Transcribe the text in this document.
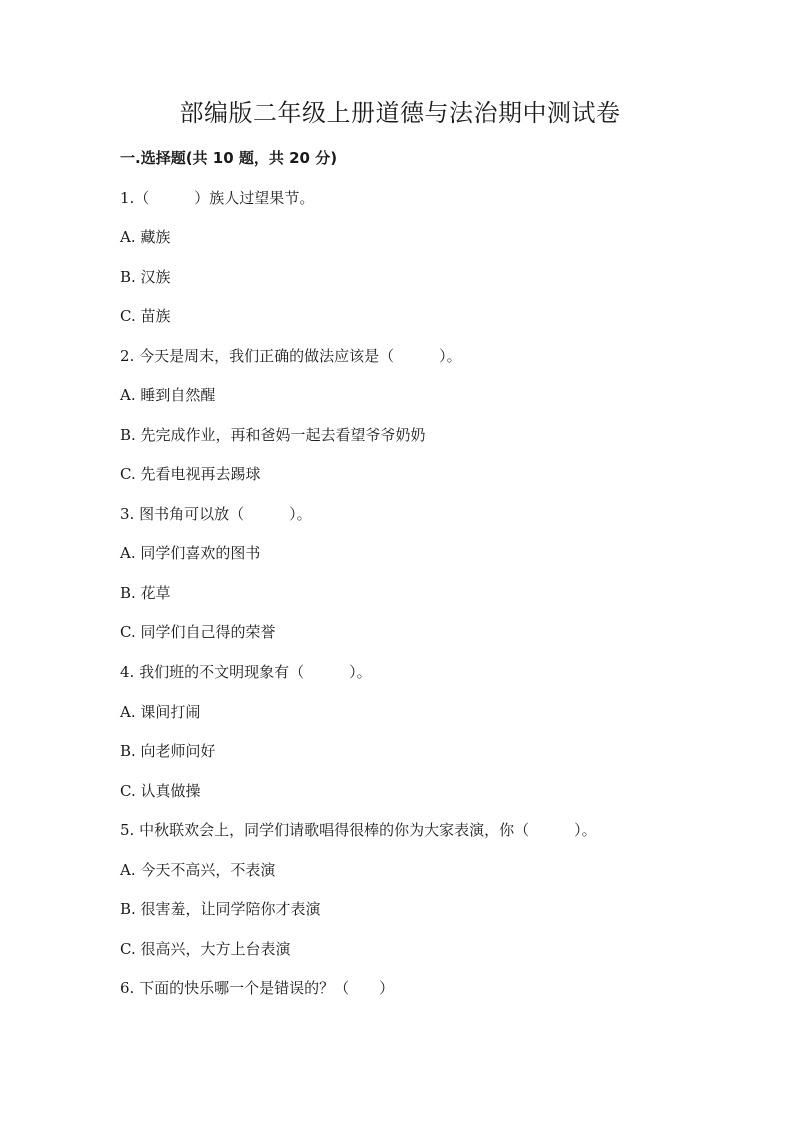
部编版二年级上册道德与法治期中测试卷
一.选择题(共 10 题，共 20 分)
1.（　　　）族人过望果节。
A. 藏族
B. 汉族
C. 苗族
2. 今天是周末，我们正确的做法应该是（　　　）。
A. 睡到自然醒
B. 先完成作业，再和爸妈一起去看望爷爷奶奶
C. 先看电视再去踢球
3. 图书角可以放（　　　）。
A. 同学们喜欢的图书
B. 花草
C. 同学们自己得的荣誉
4. 我们班的不文明现象有（　　　）。
A. 课间打闹
B. 向老师问好
C. 认真做操
5. 中秋联欢会上，同学们请歌唱得很棒的你为大家表演，你（　　　）。
A. 今天不高兴，不表演
B. 很害羞，让同学陪你才表演
C. 很高兴，大方上台表演
6. 下面的快乐哪一个是错误的？（　　）
